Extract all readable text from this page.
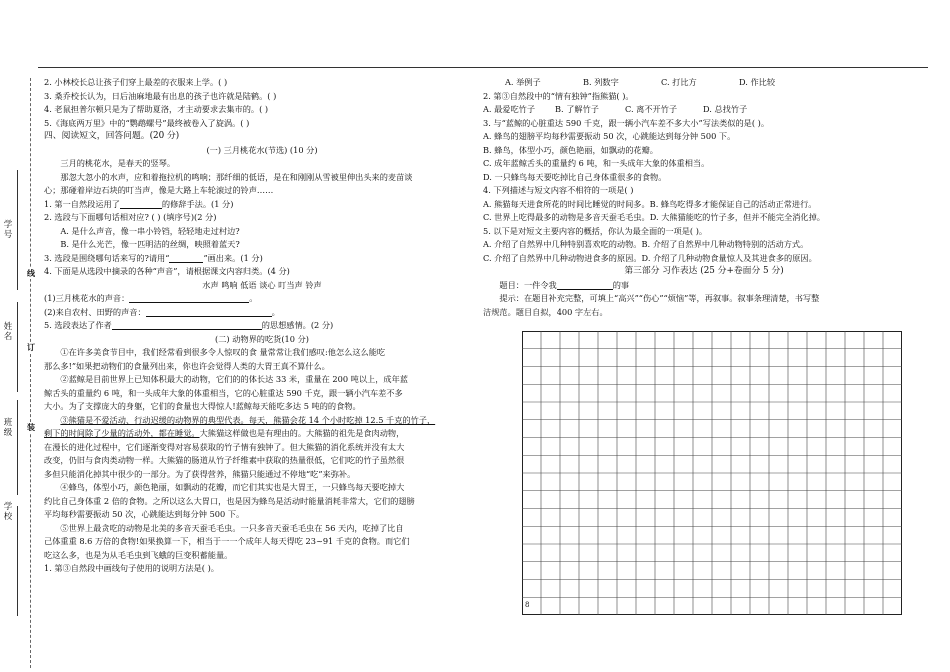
学号
线
姓名
订
班级
装
学校

2. 小林校长总让孩子们穿上最差的衣服来上学。( )

3. 桑乔校长认为，日后油麻地最有出息的孩子也许就是陆鹤。( )

4. 老鼠担普尔顿只是为了帮助夏洛，才主动要求去集市的。( )

5.《海底两万里》中的“鹦鹉螺号”最终被卷入了旋涡。( )

四、阅读短文，回答问题。(20 分)

(一) 三月桃花水(节选) (10 分)

三月的桃花水，是春天的竖琴。

那忽大忽小的水声，应和着拖拉机的鸣响；那纤细的低语，是在和刚刚从雪被里伸出头来的麦苗谈

心；那碰着岸边石块的叮当声，像是大路上车轮滚过的铃声……

1. 第一自然段运用了	的修辞手法。(1 分)

2. 选段与下面哪句话相对应? ( ) (填序号)(2 分)

A. 是什么声音，像一串小铃铛，轻轻地走过村边?

B. 是什么光芒，像一匹明洁的丝绸，映照着蓝天?

3. 选段是围绕哪句话来写的?请用“	”画出来。(1 分)

4. 下面是从选段中摘录的各种“声音”，请根据课文内容归类。(4 分)

水声 鸣响 低语 谈心 叮当声 铃声

(1)三月桃花水的声音：	。

(2)来自农村、田野的声音：	。

5. 选段表达了作者	的思想感情。(2 分)

(二) 动物界的吃货(10 分)

①在许多美食节目中，我们经常看到很多令人惊叹的食 量常常让我们感叹:他怎么这么能吃

那么多!”如果把动物们的食量列出来，你也许会觉得人类的大胃王真不算什么。

②蓝鲸是目前世界上已知体积最大的动物，它们的的体长达 33 米，重量在 200 吨以上，成年蓝

鲸舌头的重量约 6 吨，和一头成年大象的体重相当，它的心脏重达 590 千克，跟一辆小汽车差不多

大小。为了支撑庞大的身躯，它们的食量也大得惊人!蓝鲸每天能吃多达 5 吨的的食物。

③熊猫是不爱活动、行动迟缓的动物界的典型代表。每天，熊猫会花 14 个小时吃掉 12.5 千克的竹子，

剩下的时间除了少量的活动外，都在睡觉。大熊猫这样做也是有理由的。大熊猫的祖先是食肉动物，

在漫长的进化过程中，它们逐渐变得对容易获取的竹子情有独钟了。但大熊猫的消化系统并没有太大

改变，仍旧与食肉类动物一样。大熊猫的肠道从竹子纤维素中获取的热量很低，它们吃的竹子虽然很

多但只能消化掉其中很少的一部分。为了获得营养，熊猫只能通过不停地“吃”来弥补。

④蜂鸟，体型小巧，颜色艳丽，如飘动的花瓣，而它们其实也是大胃王，一只蜂鸟每天要吃掉大

约比自己身体重 2 倍的食物。之所以这么大胃口，也是因为蜂鸟是活动时能量消耗非常大，它们的翅膀

平均每秒需要振动 50 次，心跳能达到每分钟 500 下。

⑤世界上最贪吃的动物是北美的多音天蚕毛毛虫。一只多音天蚕毛毛虫在 56 天内，吃掉了比自

己体重重 8.6 万倍的食物!如果换算一下，相当于一一个成年人每天得吃 23~91 千克的食物。而它们

吃这么多，也是为从毛毛虫到飞蛾的巨变积蓄能量。

1. 第③自然段中画线句子使用的说明方法是( )。

A. 举例子	B. 列数字	C. 打比方	D. 作比较

2. 第③自然段中的“情有独钟”指熊猫( )。

A. 最爱吃竹子 B. 了解竹子	C. 离不开竹子	D. 总找竹子

3. 与“蓝鲸的心脏重达 590 千克，跟一辆小汽车差不多大小”写法类似的是( )。

A. 蜂鸟的翅膀平均每秒需要振动 50 次，心跳能达到每分钟 500 下。

B. 蜂鸟，体型小巧，颜色艳丽，如飘动的花瓣。

C. 成年蓝鲸舌头的重量约 6 吨，和一头成年大象的体重相当。

D. 一只蜂鸟每天要吃掉比自己身体重很多的食物。

4. 下列描述与短文内容不相符的一项是( )

A. 熊猫每天进食所花的时间比睡觉的时间多。B. 蜂鸟吃得多才能保证自己的活动正常进行。

C. 世界上吃得最多的动物是多音天蚕毛毛虫。D. 大熊猫能吃的竹子多，但并不能完全消化掉。

5. 以下是对短文主要内容的概括，你认为最全面的一项是( )。

A. 介绍了自然界中几种特别喜欢吃的动物。B. 介绍了自然界中几种动物特别的活动方式。

C. 介绍了自然界中几种动物进食多的原因。D. 介绍了几种动物食量惊人及其进食多的原因。

第三部分 习作表达 (25 分+卷面分 5 分)

题目：一件令我	的事

提示：在题目补充完整，可填上“高兴”“伤心”“烦恼”等，再叙事。叙事条理清楚，书写整

洁规范。题目自拟，400 字左右。

8
